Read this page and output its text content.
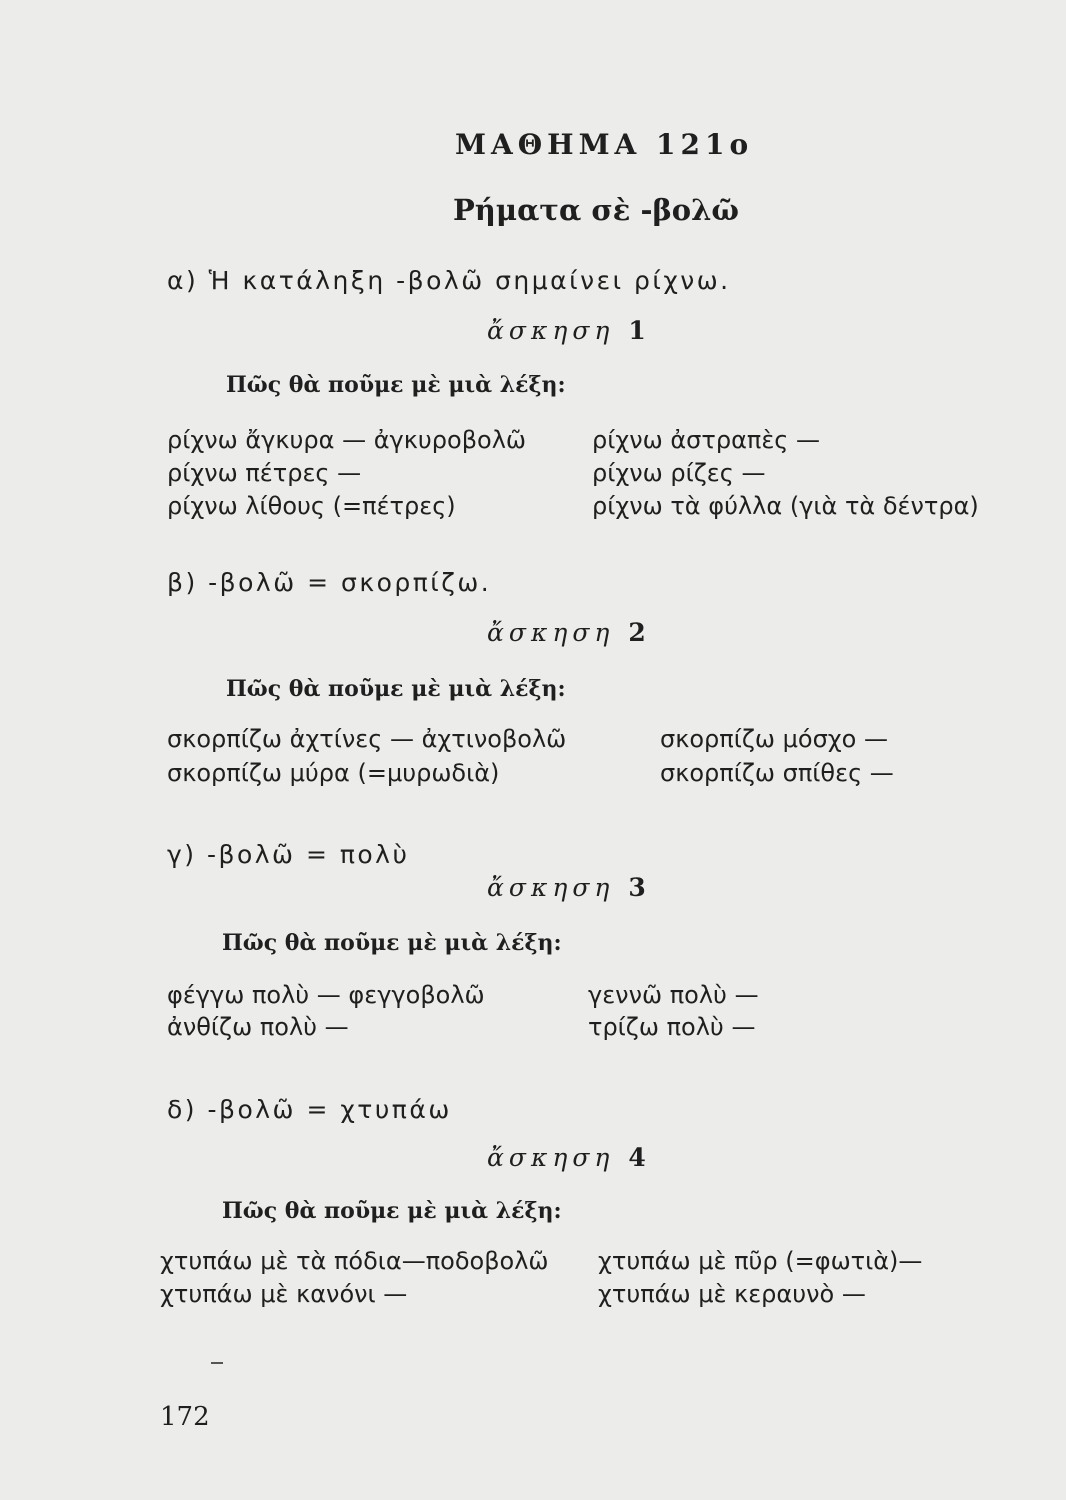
ΜΑΘΗΜΑ 121ο
Ρήματα σὲ -βολῶ
α) Ἡ κατάληξη -βολῶ σημαίνει ρίχνω.
ἄσκηση 1
Πῶς θὰ ποῦμε μὲ μιὰ λέξη:
ρίχνω ἄγκυρα — ἀγκυροβολῶ
ρίχνω πέτρες —
ρίχνω λίθους (=πέτρες)
ρίχνω ἀστραπὲς —
ρίχνω ρίζες —
ρίχνω τὰ φύλλα (γιὰ τὰ δέντρα)
β) -βολῶ = σκορπίζω.
ἄσκηση 2
Πῶς θὰ ποῦμε μὲ μιὰ λέξη:
σκορπίζω ἀχτίνες — ἀχτινοβολῶ
σκορπίζω μύρα (=μυρωδιὰ)
σκορπίζω μόσχο —
σκορπίζω σπίθες —
γ) -βολῶ = πολὺ
ἄσκηση 3
Πῶς θὰ ποῦμε μὲ μιὰ λέξη:
φέγγω πολὺ — φεγγοβολῶ
ἀνθίζω πολὺ —
γεννῶ πολὺ —
τρίζω πολὺ —
δ) -βολῶ = χτυπάω
ἄσκηση 4
Πῶς θὰ ποῦμε μὲ μιὰ λέξη:
χτυπάω μὲ τὰ πόδια—ποδοβολῶ
χτυπάω μὲ κανόνι —
χτυπάω μὲ πῦρ (=φωτιὰ)—
χτυπάω μὲ κεραυνὸ —
172
